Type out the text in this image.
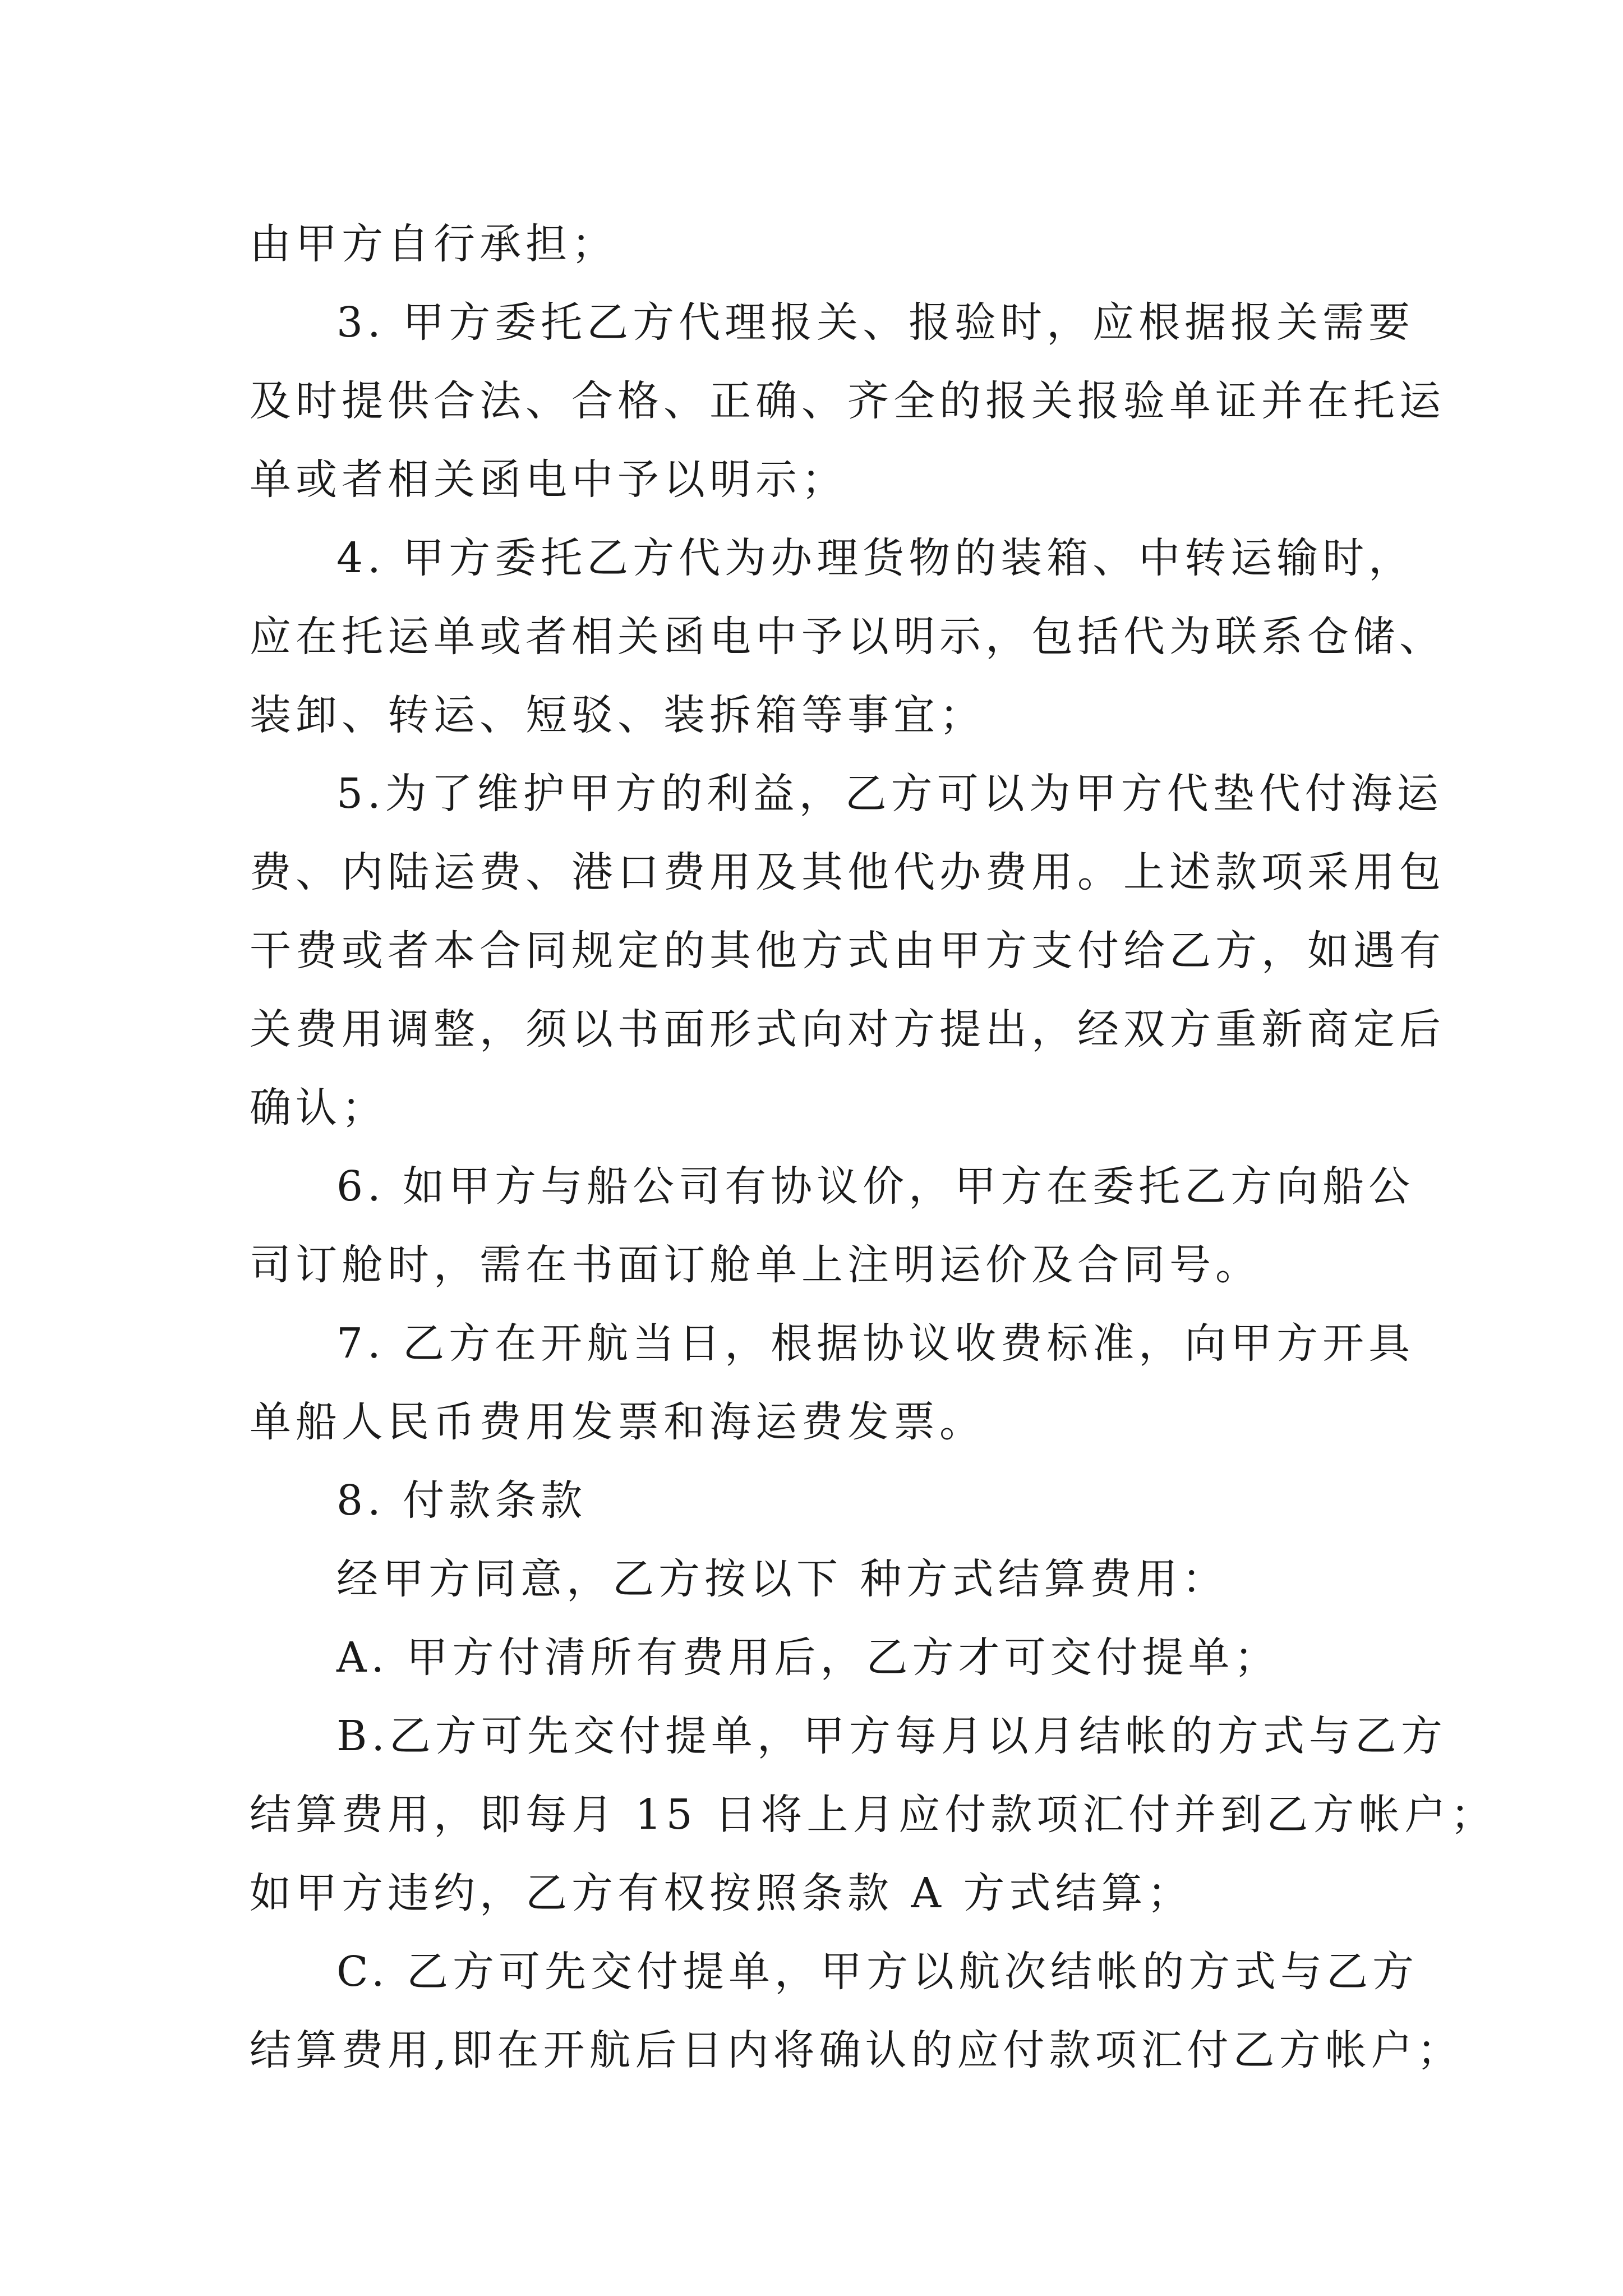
由甲方自行承担；

3. 甲方委托乙方代理报关、报验时，应根据报关需要

及时提供合法、合格、正确、齐全的报关报验单证并在托运

单或者相关函电中予以明示；

4. 甲方委托乙方代为办理货物的装箱、中转运输时，

应在托运单或者相关函电中予以明示，包括代为联系仓储、

装卸、转运、短驳、装拆箱等事宜；

5.为了维护甲方的利益，乙方可以为甲方代垫代付海运

费、内陆运费、港口费用及其他代办费用。上述款项采用包

干费或者本合同规定的其他方式由甲方支付给乙方，如遇有

关费用调整，须以书面形式向对方提出，经双方重新商定后

确认；

6. 如甲方与船公司有协议价，甲方在委托乙方向船公

司订舱时，需在书面订舱单上注明运价及合同号。

7. 乙方在开航当日，根据协议收费标准，向甲方开具

单船人民币费用发票和海运费发票。

8. 付款条款

经甲方同意，乙方按以下 种方式结算费用：

A. 甲方付清所有费用后，乙方才可交付提单；

B.乙方可先交付提单，甲方每月以月结帐的方式与乙方

结算费用，即每月 15 日将上月应付款项汇付并到乙方帐户；

如甲方违约，乙方有权按照条款 A 方式结算；

C. 乙方可先交付提单，甲方以航次结帐的方式与乙方

结算费用,即在开航后日内将确认的应付款项汇付乙方帐户；
